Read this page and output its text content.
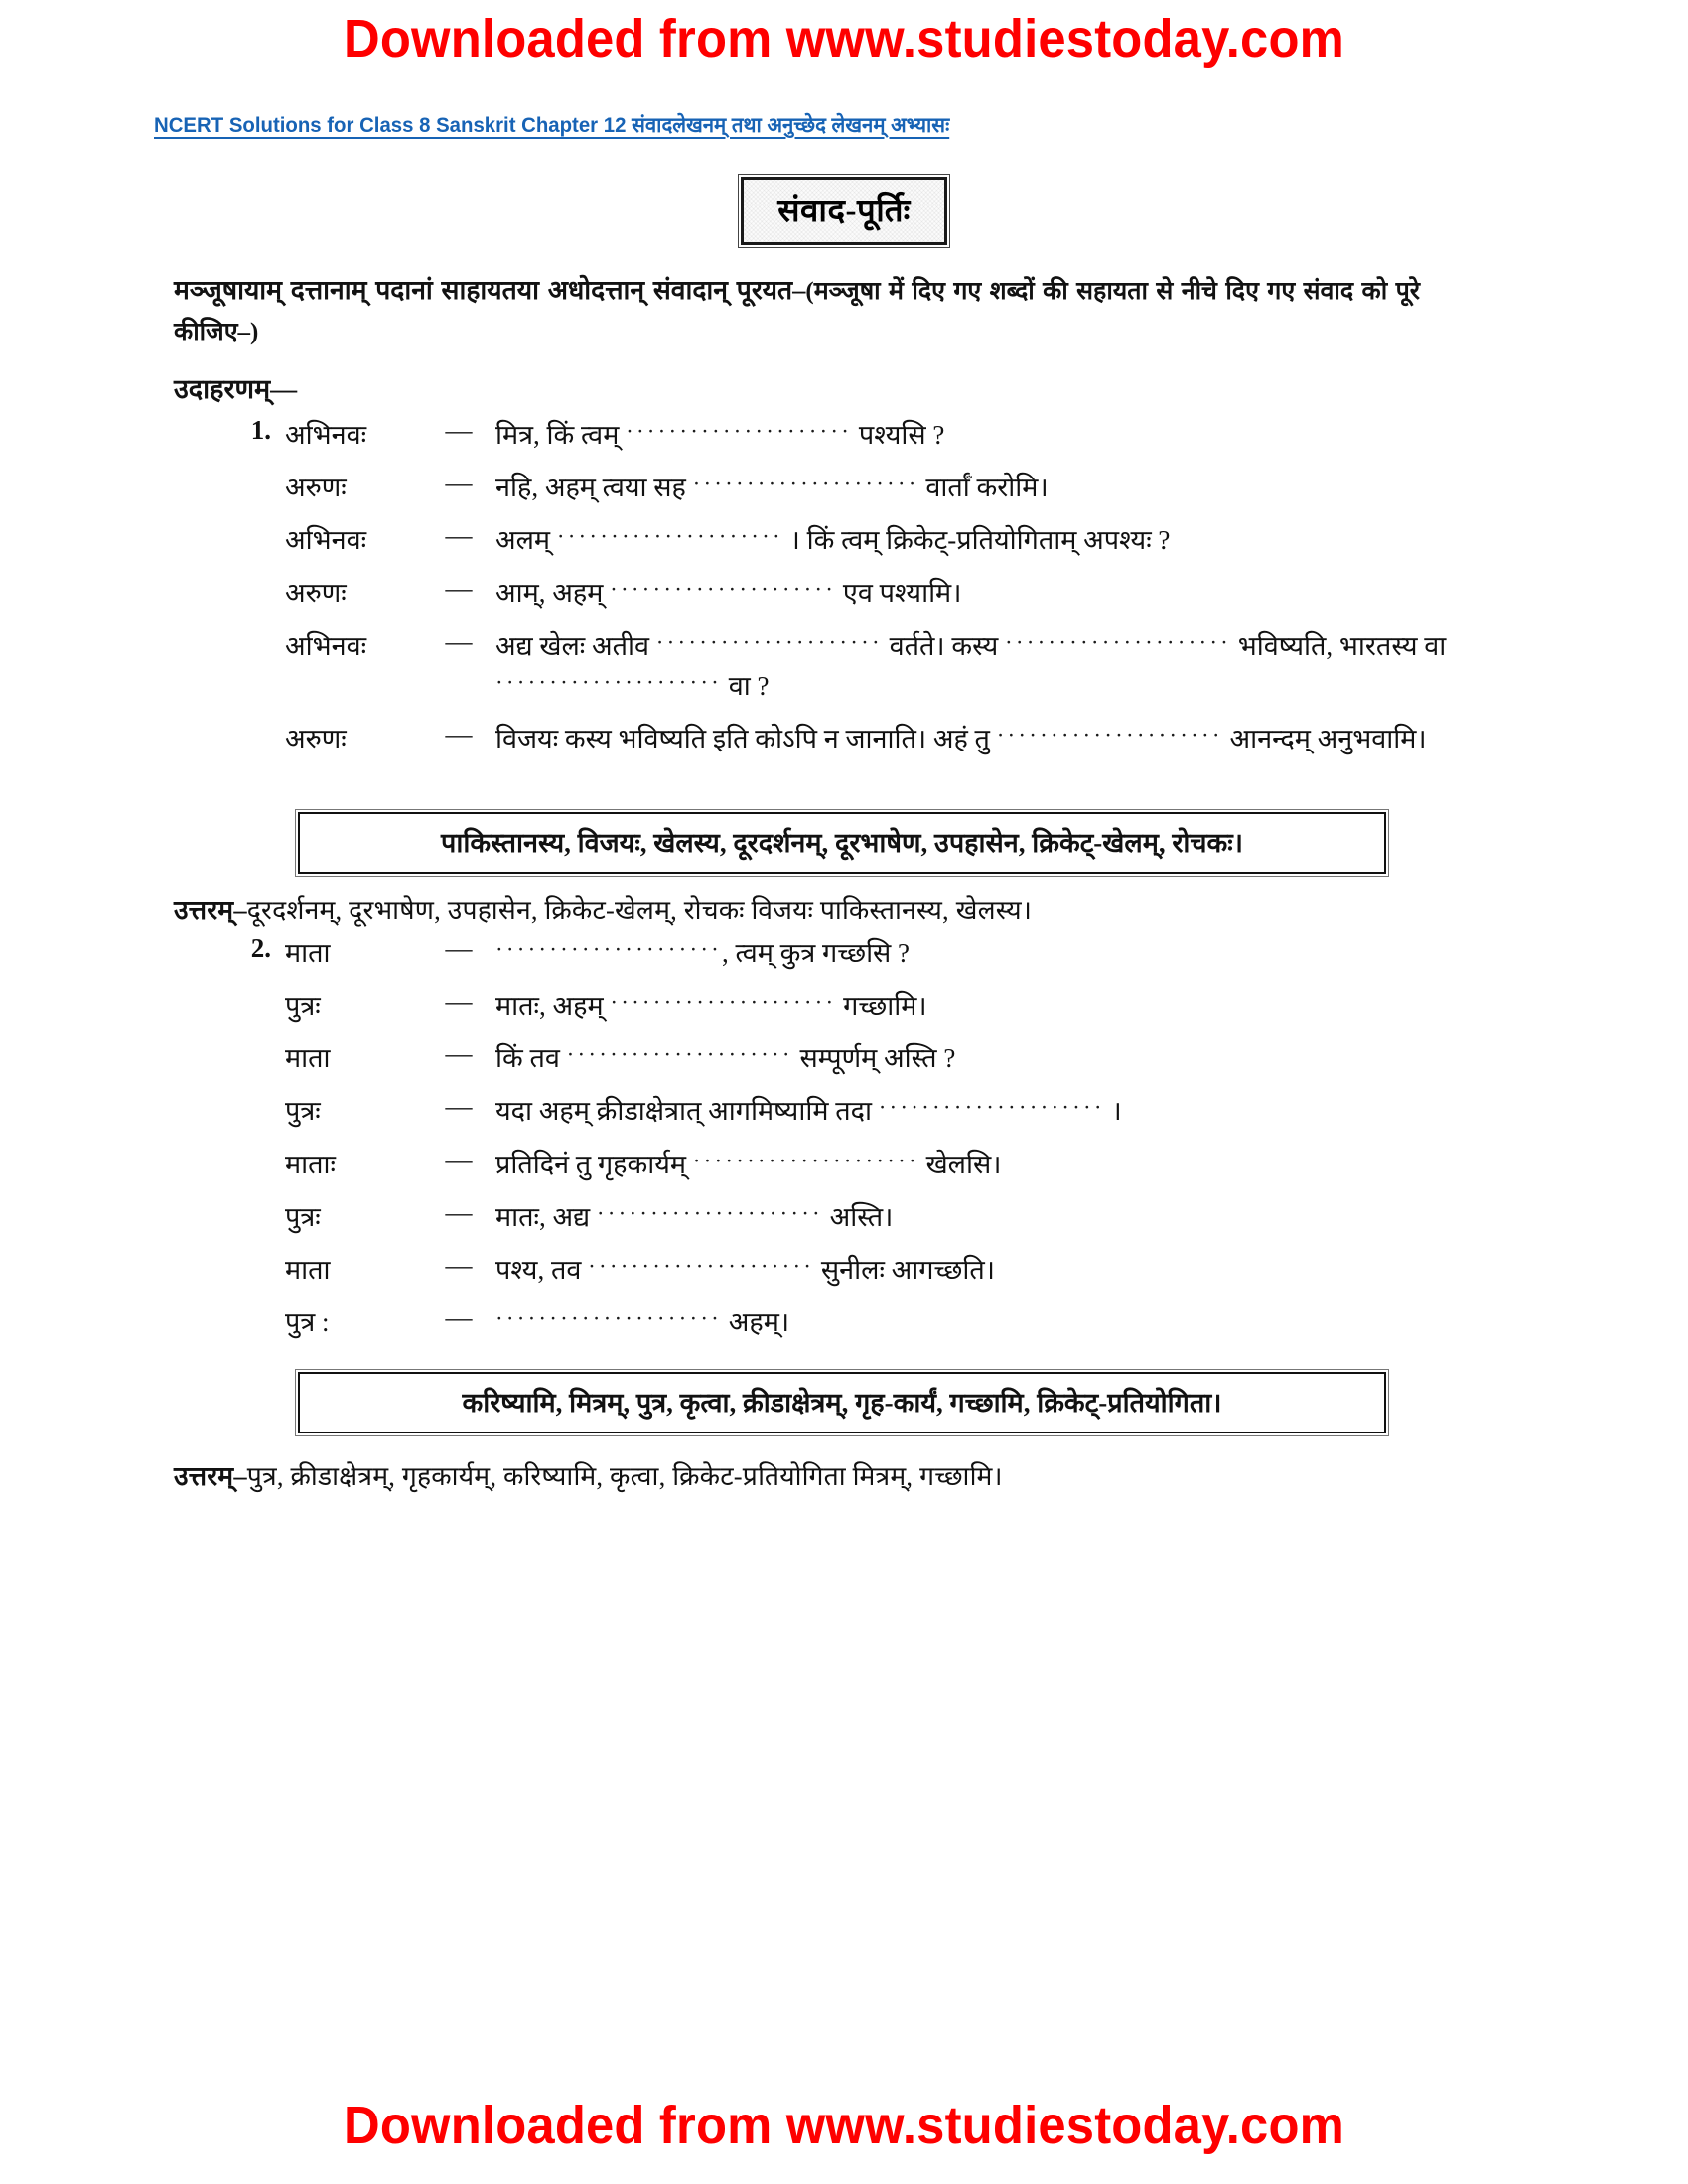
Downloaded from www.studiestoday.com
NCERT Solutions for Class 8 Sanskrit Chapter 12 संवादलेखनम् तथा अनुच्छेद लेखनम् अभ्यासः
संवाद-पूर्तिः
मञ्जूषायाम् दत्तानाम् पदानां साहायतया अधोदत्तान् संवादान् पूरयत–(मञ्जूषा में दिए गए शब्दों की सहायता से नीचे दिए गए संवाद को पूरे कीजिए–)
उदाहरणम्—
1.	अभिनवः	—	मित्र, किं त्वम् ····················· पश्यसि ?
	अरुणः	—	नहि, अहम् त्वया सह ····················· वार्ताँ करोमि।
	अभिनवः	—	अलम् ····················· । किं त्वम् क्रिकेट्-प्रतियोगिताम् अपश्यः ?
	अरुणः	—	आम्, अहम् ····················· एव पश्यामि।
	अभिनवः	—	अद्य खेलः अतीव ····················· वर्तते। कस्य ····················· भविष्यति, भारतस्य वा ····················· वा ?
	अरुणः	—	विजयः कस्य भविष्यति इति कोऽपि न जानाति। अहं तु ····················· आनन्दम् अनुभवामि।
पाकिस्तानस्य, विजयः, खेलस्य, दूरदर्शनम्, दूरभाषेण, उपहासेन, क्रिकेट्-खेलम्, रोचकः।
उत्तरम्–दूरदर्शनम्, दूरभाषेण, उपहासेन, क्रिकेट-खेलम्, रोचकः विजयः पाकिस्तानस्य, खेलस्य।
2.	माता	—	·····················, त्वम् कुत्र गच्छसि ?
	पुत्रः	—	मातः, अहम् ····················· गच्छामि।
	माता	—	किं तव ····················· सम्पूर्णम् अस्ति ?
	पुत्रः	—	यदा अहम् क्रीडाक्षेत्रात् आगमिष्यामि तदा ····················· ।
	माताः	—	प्रतिदिनं तु गृहकार्यम् ····················· खेलसि।
	पुत्रः	—	मातः, अद्य ····················· अस्ति।
	माता	—	पश्य, तव ····················· सुनीलः आगच्छति।
	पुत्र :	—	····················· अहम्।
करिष्यामि, मित्रम्, पुत्र, कृत्वा, क्रीडाक्षेत्रम्, गृह-कार्यं, गच्छामि, क्रिकेट्-प्रतियोगिता।
उत्तरम्–पुत्र, क्रीडाक्षेत्रम्, गृहकार्यम्, करिष्यामि, कृत्वा, क्रिकेट-प्रतियोगिता मित्रम्, गच्छामि।
Downloaded from www.studiestoday.com
